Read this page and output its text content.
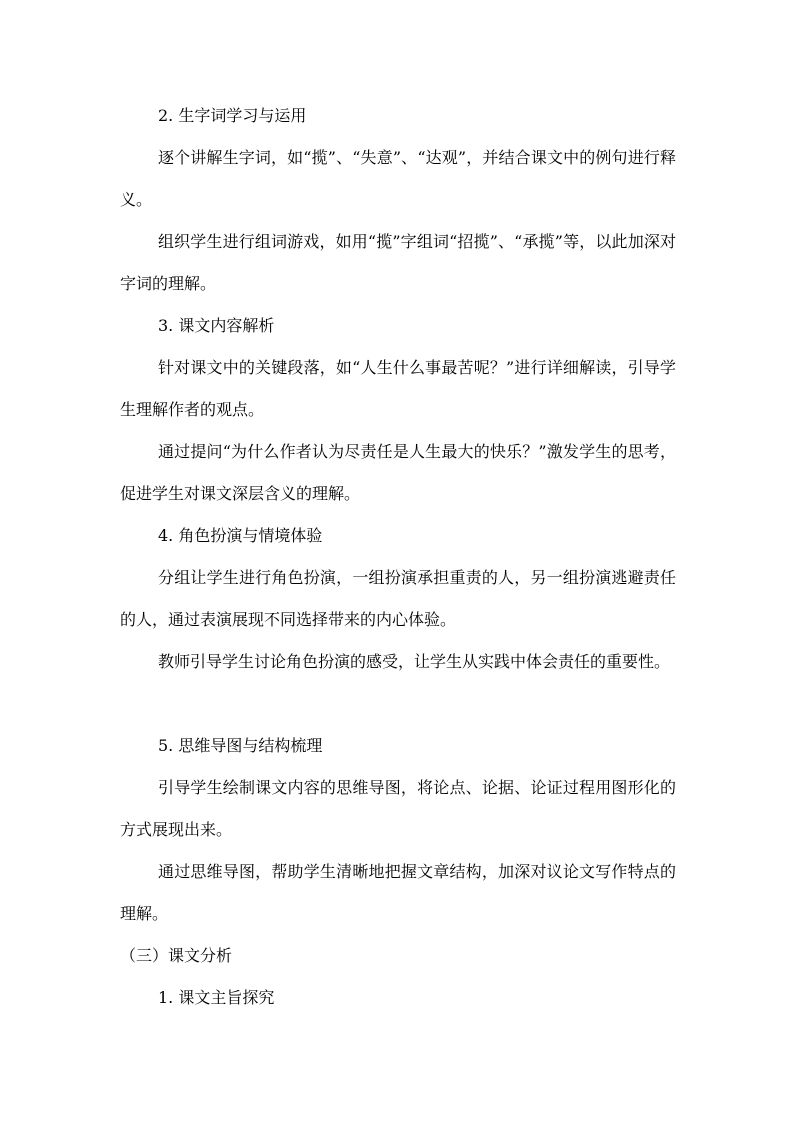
2. 生字词学习与运用

逐个讲解生字词，如“揽”、“失意”、“达观”，并结合课文中的例句进行释义。

组织学生进行组词游戏，如用“揽”字组词“招揽”、“承揽”等，以此加深对字词的理解。

3. 课文内容解析

针对课文中的关键段落，如“人生什么事最苦呢？”进行详细解读，引导学生理解作者的观点。

通过提问“为什么作者认为尽责任是人生最大的快乐？”激发学生的思考，促进学生对课文深层含义的理解。

4. 角色扮演与情境体验

分组让学生进行角色扮演，一组扮演承担重责的人，另一组扮演逃避责任的人，通过表演展现不同选择带来的内心体验。

教师引导学生讨论角色扮演的感受，让学生从实践中体会责任的重要性。

5. 思维导图与结构梳理

引导学生绘制课文内容的思维导图，将论点、论据、论证过程用图形化的方式展现出来。

通过思维导图，帮助学生清晰地把握文章结构，加深对议论文写作特点的理解。

（三）课文分析

1. 课文主旨探究
